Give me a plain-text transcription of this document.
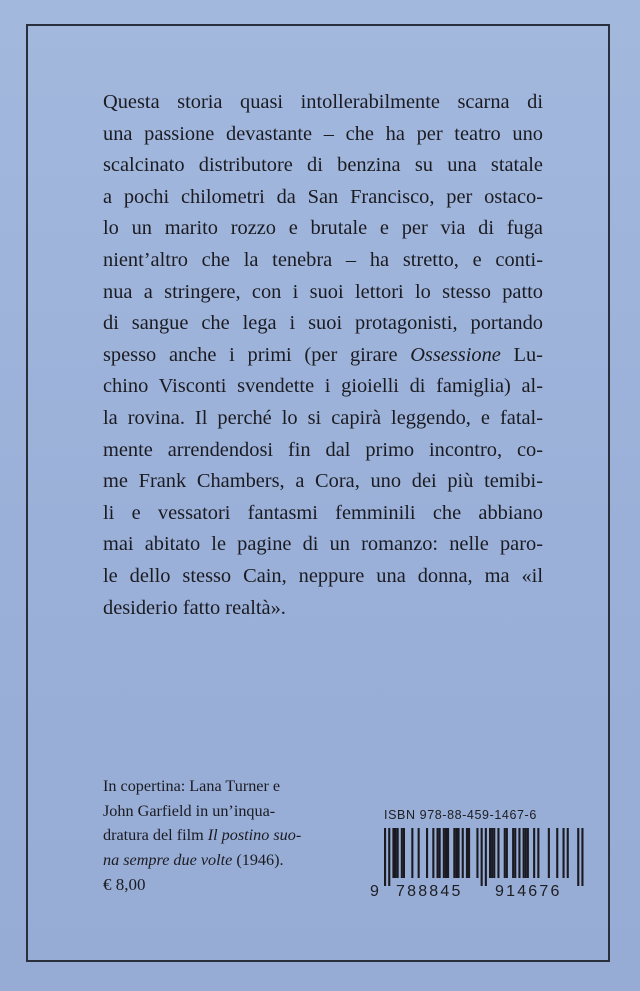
Questa storia quasi intollerabilmente scarna di
una passione devastante – che ha per teatro uno
scalcinato distributore di benzina su una statale
a pochi chilometri da San Francisco, per ostaco-
lo un marito rozzo e brutale e per via di fuga
nient’altro che la tenebra – ha stretto, e conti-
nua a stringere, con i suoi lettori lo stesso patto
di sangue che lega i suoi protagonisti, portando
spesso anche i primi (per girare Ossessione Lu-
chino Visconti svendette i gioielli di famiglia) al-
la rovina. Il perché lo si capirà leggendo, e fatal-
mente arrendendosi fin dal primo incontro, co-
me Frank Chambers, a Cora, uno dei più temibi-
li e vessatori fantasmi femminili che abbiano
mai abitato le pagine di un romanzo: nelle paro-
le dello stesso Cain, neppure una donna, ma «il
desiderio fatto realtà».

In copertina: Lana Turner e
John Garfield in un’inqua-
dratura del film Il postino suo-
na sempre due volte (1946).
€ 8,00
ISBN 978-88-459-1467-6
9 788845 914676
